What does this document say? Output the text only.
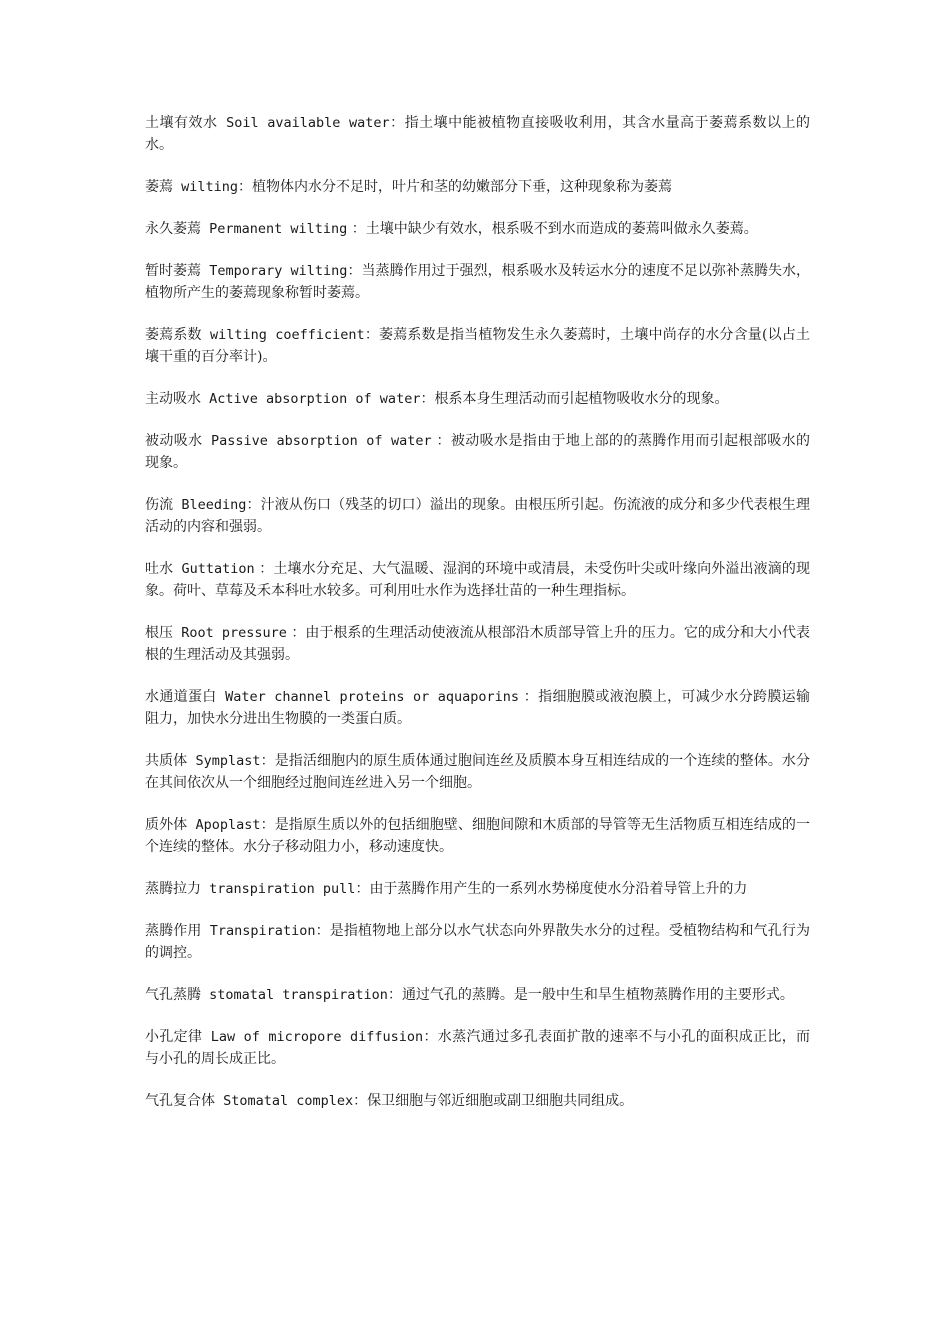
土壤有效水 Soil available water：指土壤中能被植物直接吸收利用，其含水量高于萎蔫系数以上的水。

萎蔫 wilting：植物体内水分不足时，叶片和茎的幼嫩部分下垂，这种现象称为萎蔫

永久萎蔫 Permanent wilting ：土壤中缺少有效水，根系吸不到水而造成的萎蔫叫做永久萎蔫。

暂时萎蔫 Temporary wilting：当蒸腾作用过于强烈，根系吸水及转运水分的速度不足以弥补蒸腾失水，植物所产生的萎蔫现象称暂时萎蔫。

萎蔫系数 wilting coefficient：萎蔫系数是指当植物发生永久萎蔫时，土壤中尚存的水分含量(以占土壤干重的百分率计)。

主动吸水 Active absorption of water：根系本身生理活动而引起植物吸收水分的现象。

被动吸水 Passive absorption of water ：被动吸水是指由于地上部的的蒸腾作用而引起根部吸水的现象。

伤流 Bleeding：汁液从伤口（残茎的切口）溢出的现象。由根压所引起。伤流液的成分和多少代表根生理活动的内容和强弱。

吐水 Guttation ：土壤水分充足、大气温暖、湿润的环境中或清晨，未受伤叶尖或叶缘向外溢出液滴的现象。荷叶、草莓及禾本科吐水较多。可利用吐水作为选择壮苗的一种生理指标。

根压 Root pressure ：由于根系的生理活动使液流从根部沿木质部导管上升的压力。它的成分和大小代表根的生理活动及其强弱。

水通道蛋白 Water channel proteins or aquaporins ：指细胞膜或液泡膜上，可减少水分跨膜运输阻力，加快水分进出生物膜的一类蛋白质。

共质体 Symplast：是指活细胞内的原生质体通过胞间连丝及质膜本身互相连结成的一个连续的整体。水分在其间依次从一个细胞经过胞间连丝进入另一个细胞。

质外体 Apoplast：是指原生质以外的包括细胞壁、细胞间隙和木质部的导管等无生活物质互相连结成的一个连续的整体。水分子移动阻力小，移动速度快。

蒸腾拉力 transpiration pull：由于蒸腾作用产生的一系列水势梯度使水分沿着导管上升的力

蒸腾作用 Transpiration：是指植物地上部分以水气状态向外界散失水分的过程。受植物结构和气孔行为的调控。

气孔蒸腾 stomatal transpiration：通过气孔的蒸腾。是一般中生和旱生植物蒸腾作用的主要形式。

小孔定律 Law of micropore diffusion：水蒸汽通过多孔表面扩散的速率不与小孔的面积成正比，而与小孔的周长成正比。

气孔复合体 Stomatal complex：保卫细胞与邻近细胞或副卫细胞共同组成。
